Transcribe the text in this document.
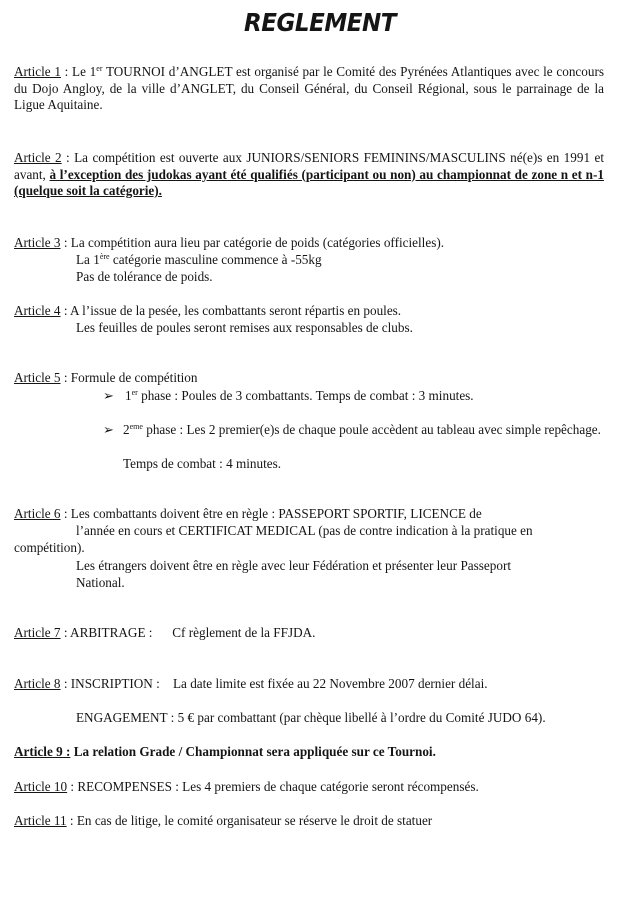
REGLEMENT
Article 1 : Le 1er TOURNOI d’ANGLET est organisé par le Comité des Pyrénées Atlantiques avec le concours du Dojo Angloy, de la ville d’ANGLET, du Conseil Général, du Conseil Régional, sous le parrainage de la Ligue Aquitaine.
Article 2 : La compétition est ouverte aux JUNIORS/SENIORS FEMININS/MASCULINS né(e)s en 1991 et avant, à l’exception des judokas ayant été qualifiés (participant ou non) au championnat de zone n et n-1 (quelque soit la catégorie).
Article 3 : La compétition aura lieu par catégorie de poids (catégories officielles).
La 1ère catégorie masculine commence à -55kg
Pas de tolérance de poids.
Article 4 : A l’issue de la pesée, les combattants seront répartis en poules.
Les feuilles de poules seront remises aux responsables de clubs.
Article 5 : Formule de compétition
➢ 1er phase : Poules de 3 combattants. Temps de combat : 3 minutes.
➢ 2eme phase : Les 2 premier(e)s de chaque poule accèdent au tableau avec simple repêchage.
Temps de combat : 4 minutes.
Article 6 : Les combattants doivent être en règle : PASSEPORT SPORTIF, LICENCE de
l’année en cours et CERTIFICAT MEDICAL (pas de contre indication à la pratique en
compétition).
Les étrangers doivent être en règle avec leur Fédération et présenter leur Passeport
National.
Article 7 : ARBITRAGE :      Cf règlement de la FFJDA.
Article 8 : INSCRIPTION :    La date limite est fixée au 22 Novembre 2007 dernier délai.
ENGAGEMENT : 5 € par combattant (par chèque libellé à l’ordre du Comité JUDO 64).
Article 9 : La relation Grade / Championnat sera appliquée sur ce Tournoi.
Article 10 : RECOMPENSES : Les 4 premiers de chaque catégorie seront récompensés.
Article 11 : En cas de litige, le comité organisateur se réserve le droit de statuer
